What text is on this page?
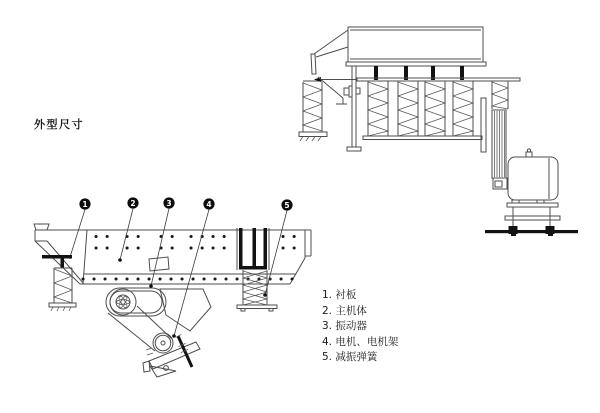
1	2	3	4	5
外型尺寸
1. 衬板
2. 主机体
3. 振动器
4. 电机、电机架
5. 减振弹簧
